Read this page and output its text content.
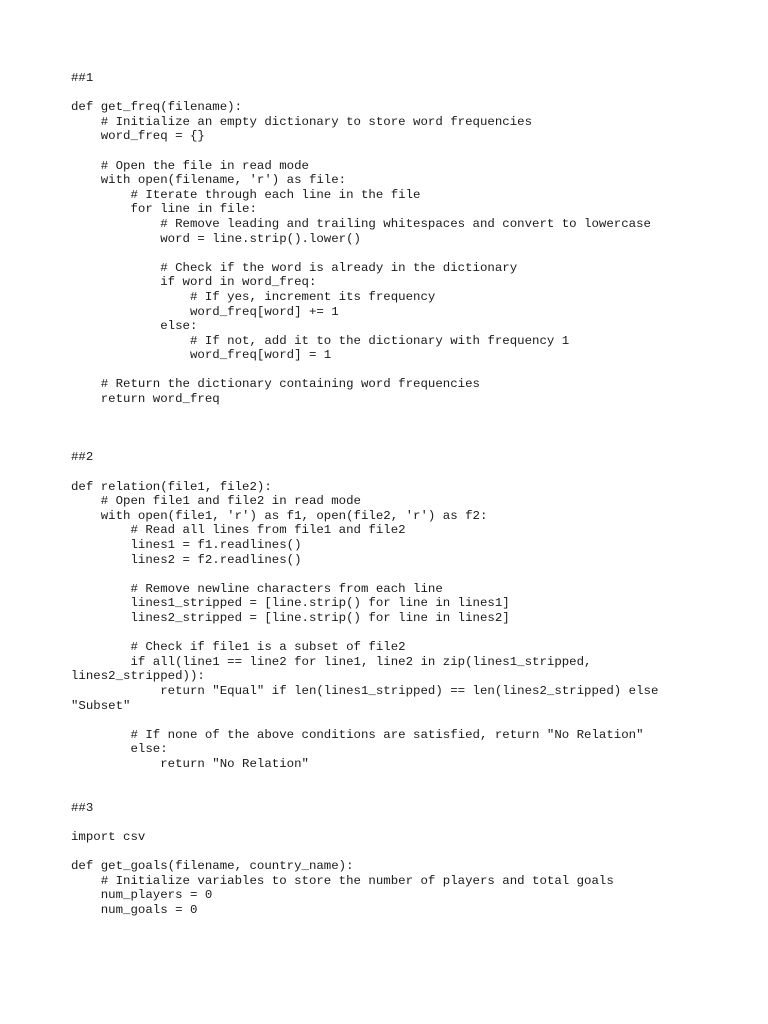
##1
def get_freq(filename):
# Initialize an empty dictionary to store word frequencies
word_freq = {}
# Open the file in read mode
with open(filename, 'r') as file:
# Iterate through each line in the file
for line in file:
# Remove leading and trailing whitespaces and convert to lowercase
word = line.strip().lower()
# Check if the word is already in the dictionary
if word in word_freq:
# If yes, increment its frequency
word_freq[word] += 1
else:
# If not, add it to the dictionary with frequency 1
word_freq[word] = 1
# Return the dictionary containing word frequencies
return word_freq
##2
def relation(file1, file2):
# Open file1 and file2 in read mode
with open(file1, 'r') as f1, open(file2, 'r') as f2:
# Read all lines from file1 and file2
lines1 = f1.readlines()
lines2 = f2.readlines()
# Remove newline characters from each line
lines1_stripped = [line.strip() for line in lines1]
lines2_stripped = [line.strip() for line in lines2]
# Check if file1 is a subset of file2
if all(line1 == line2 for line1, line2 in zip(lines1_stripped,
lines2_stripped)):
return "Equal" if len(lines1_stripped) == len(lines2_stripped) else
"Subset"
# If none of the above conditions are satisfied, return "No Relation"
else:
return "No Relation"
##3
import csv
def get_goals(filename, country_name):
# Initialize variables to store the number of players and total goals
num_players = 0
num_goals = 0
